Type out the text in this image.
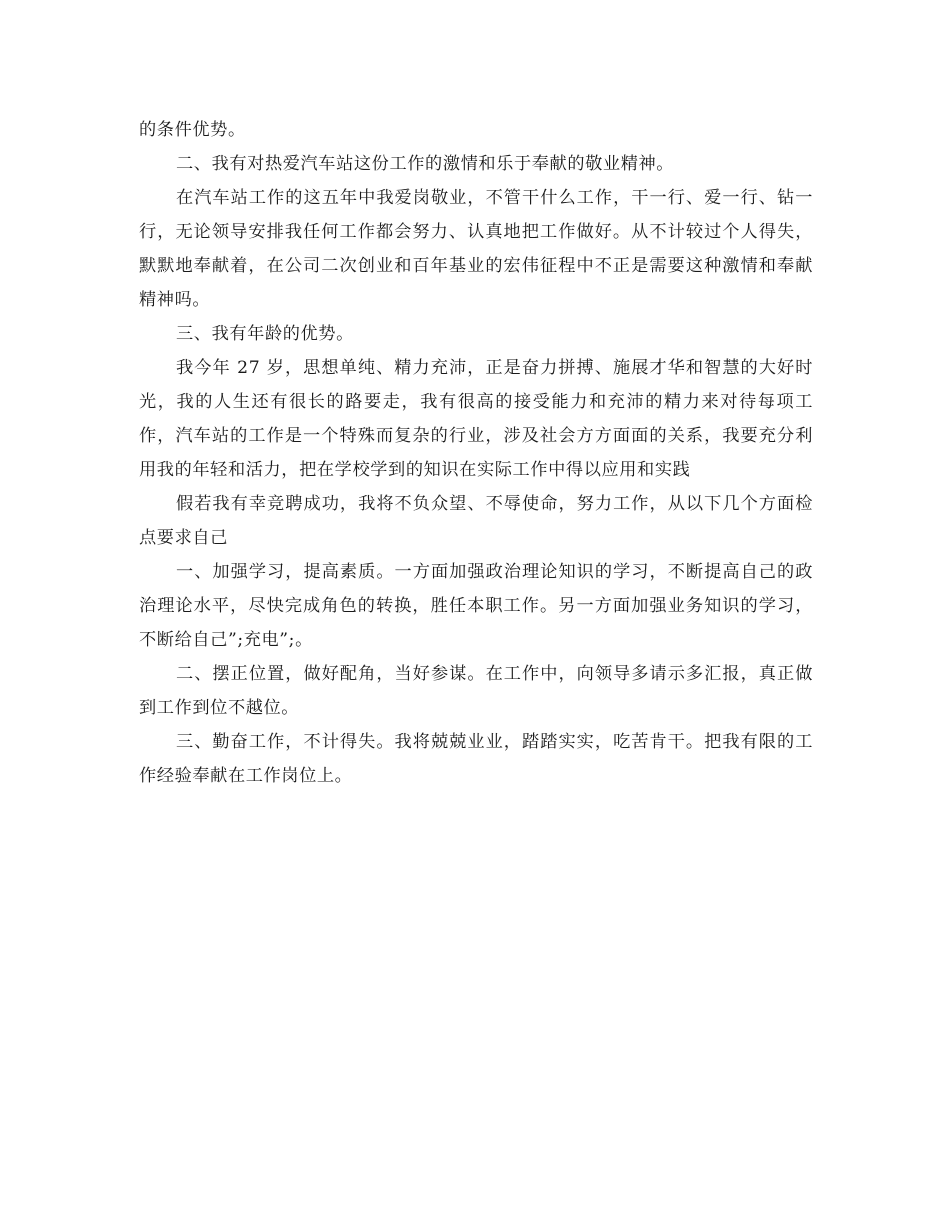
的条件优势。

二、我有对热爱汽车站这份工作的激情和乐于奉献的敬业精神。

在汽车站工作的这五年中我爱岗敬业，不管干什么工作，干一行、爱一行、钻一行，无论领导安排我任何工作都会努力、认真地把工作做好。从不计较过个人得失，默默地奉献着，在公司二次创业和百年基业的宏伟征程中不正是需要这种激情和奉献精神吗。

三、我有年龄的优势。

我今年 27 岁，思想单纯、精力充沛，正是奋力拼搏、施展才华和智慧的大好时光，我的人生还有很长的路要走，我有很高的接受能力和充沛的精力来对待每项工作，汽车站的工作是一个特殊而复杂的行业，涉及社会方方面面的关系，我要充分利用我的年轻和活力，把在学校学到的知识在实际工作中得以应用和实践

假若我有幸竞聘成功，我将不负众望、不辱使命，努力工作，从以下几个方面检点要求自己

一、加强学习，提高素质。一方面加强政治理论知识的学习，不断提高自己的政治理论水平，尽快完成角色的转换，胜任本职工作。另一方面加强业务知识的学习，不断给自己”;充电”;。

二、摆正位置，做好配角，当好参谋。在工作中，向领导多请示多汇报，真正做到工作到位不越位。

三、勤奋工作，不计得失。我将兢兢业业，踏踏实实，吃苦肯干。把我有限的工作经验奉献在工作岗位上。
